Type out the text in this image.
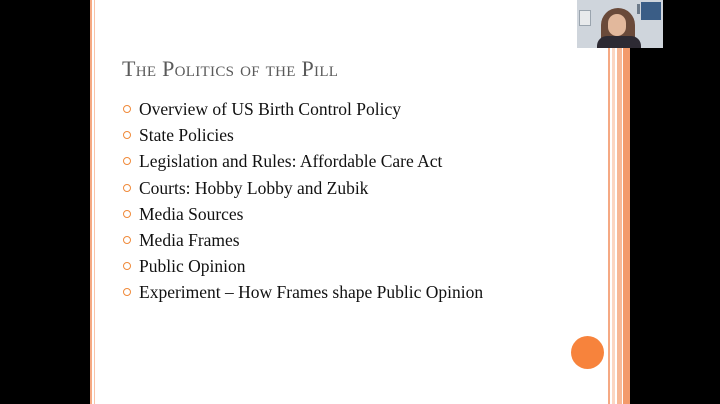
The Politics of the Pill
Overview of US Birth Control Policy
State Policies
Legislation and Rules: Affordable Care Act
Courts: Hobby Lobby and Zubik
Media Sources
Media Frames
Public Opinion
Experiment – How Frames shape Public Opinion
